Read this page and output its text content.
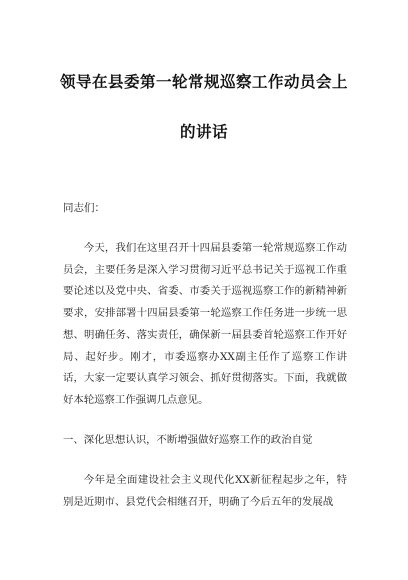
领导在县委第一轮常规巡察工作动员会上
的讲话
同志们：

今天，我们在这里召开十四届县委第一轮常规巡察工作动员会，主要任务是深入学习贯彻习近平总书记关于巡视工作重要论述以及党中央、省委、市委关于巡视巡察工作的新精神新要求，安排部署十四届县委第一轮巡察工作任务进一步统一思想、明确任务、落实责任，确保新一届县委首轮巡察工作开好局、起好步。刚才，市委巡察办XX副主任作了巡察工作讲话，大家一定要认真学习领会、抓好贯彻落实。下面，我就做好本轮巡察工作强调几点意见。

一、深化思想认识，不断增强做好巡察工作的政治自觉

今年是全面建设社会主义现代化XX新征程起步之年，特别是近期市、县党代会相继召开，明确了今后五年的发展战
